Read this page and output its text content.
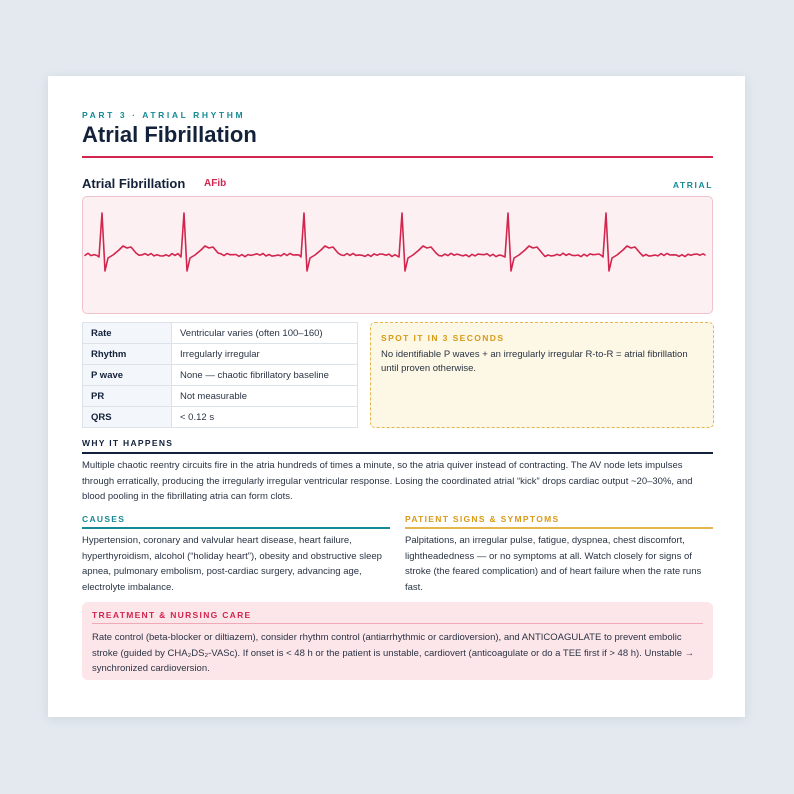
PART 3 · ATRIAL RHYTHM
Atrial Fibrillation
Atrial Fibrillation AFib	ATRIAL
Rate	Ventricular varies (often 100–160)
Rhythm	Irregularly irregular
P wave	None — chaotic fibrillatory baseline
PR	Not measurable
QRS	< 0.12 s
SPOT IT IN 3 SECONDS
No identifiable P waves + an irregularly irregular R-to-R = atrial fibrillation until proven otherwise.
WHY IT HAPPENS

Multiple chaotic reentry circuits fire in the atria hundreds of times a minute, so the atria quiver instead of contracting. The AV node lets impulses through erratically, producing the irregularly irregular ventricular response. Losing the coordinated atrial “kick” drops cardiac output ~20–30%, and blood pooling in the fibrillating atria can form clots.

CAUSES

Hypertension, coronary and valvular heart disease, heart failure, hyperthyroidism, alcohol (“holiday heart”), obesity and obstructive sleep apnea, pulmonary embolism, post-cardiac surgery, advancing age, electrolyte imbalance.

PATIENT SIGNS & SYMPTOMS

Palpitations, an irregular pulse, fatigue, dyspnea, chest discomfort, lightheadedness — or no symptoms at all. Watch closely for signs of stroke (the feared complication) and of heart failure when the rate runs fast.

TREATMENT & NURSING CARE

Rate control (beta-blocker or diltiazem), consider rhythm control (antiarrhythmic or cardioversion), and ANTICOAGULATE to prevent embolic stroke (guided by CHA₂DS₂-VASc). If onset is < 48 h or the patient is unstable, cardiovert (anticoagulate or do a TEE first if > 48 h). Unstable → synchronized cardioversion.
